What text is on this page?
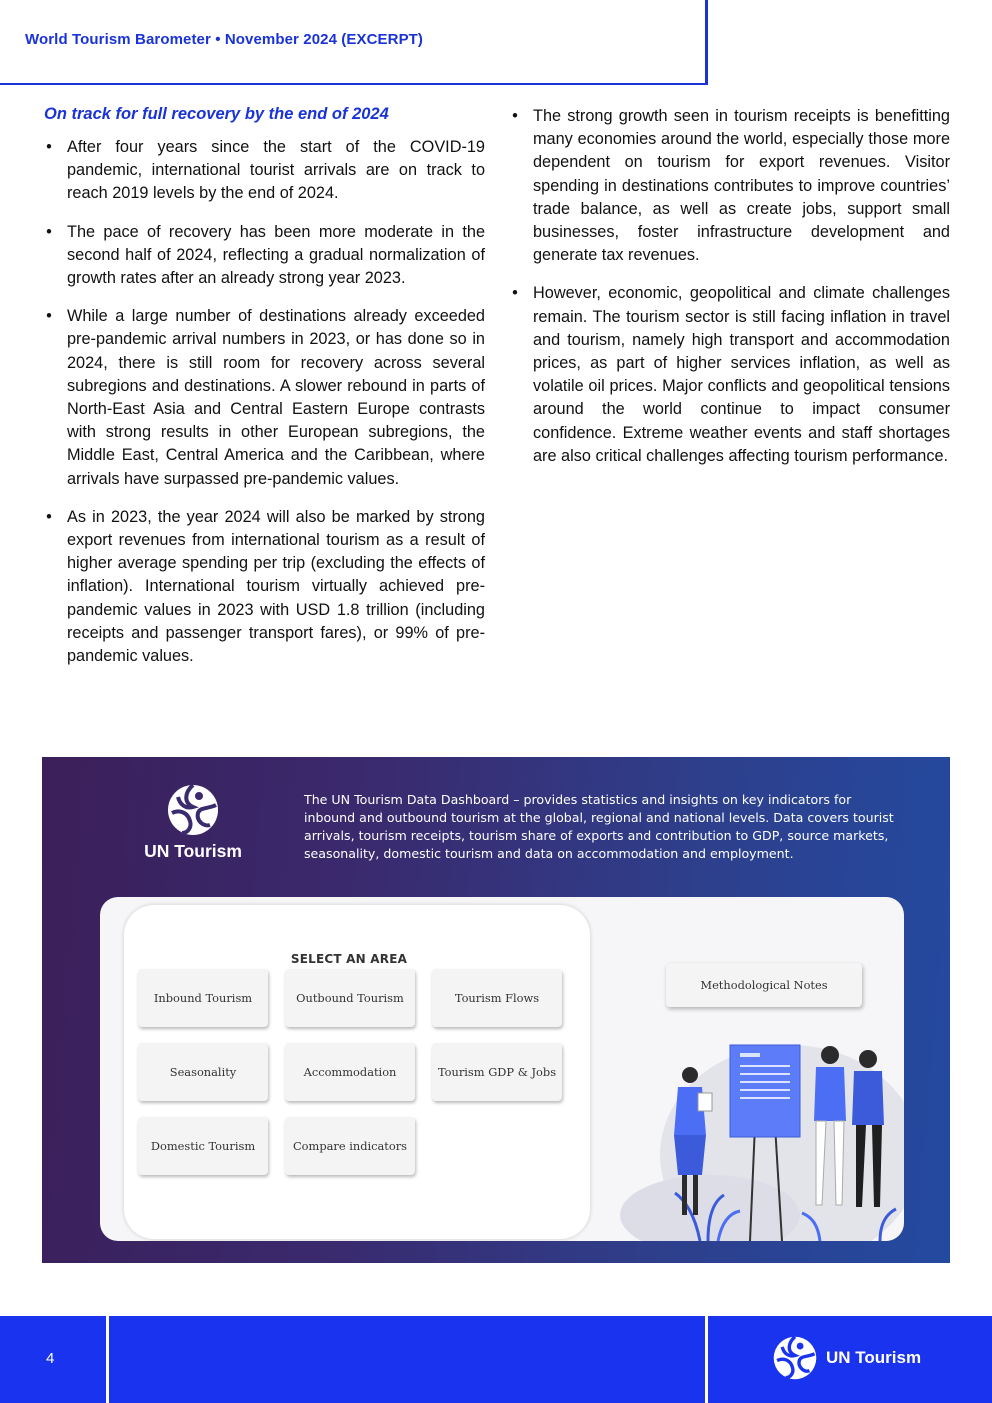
World Tourism Barometer • November 2024 (EXCERPT)
On track for full recovery by the end of 2024
• After four years since the start of the COVID-19 pandemic, international tourist arrivals are on track to reach 2019 levels by the end of 2024.
• The pace of recovery has been more moderate in the second half of 2024, reflecting a gradual normalization of growth rates after an already strong year 2023.
• While a large number of destinations already exceeded pre-pandemic arrival numbers in 2023, or has done so in 2024, there is still room for recovery across several subregions and destinations. A slower rebound in parts of North-East Asia and Central Eastern Europe contrasts with strong results in other European subregions, the Middle East, Central America and the Caribbean, where arrivals have surpassed pre-pandemic values.
• As in 2023, the year 2024 will also be marked by strong export revenues from international tourism as a result of higher average spending per trip (excluding the effects of inflation). International tourism virtually achieved pre-pandemic values in 2023 with USD 1.8 trillion (including receipts and passenger transport fares), or 99% of pre-pandemic values.
• The strong growth seen in tourism receipts is benefitting many economies around the world, especially those more dependent on tourism for export revenues. Visitor spending in destinations contributes to improve countries’ trade balance, as well as create jobs, support small businesses, foster infrastructure development and generate tax revenues.
• However, economic, geopolitical and climate challenges remain. The tourism sector is still facing inflation in travel and tourism, namely high transport and accommodation prices, as part of higher services inflation, as well as volatile oil prices. Major conflicts and geopolitical tensions around the world continue to impact consumer confidence. Extreme weather events and staff shortages are also critical challenges affecting tourism performance.
UN Tourism
The UN Tourism Data Dashboard – provides statistics and insights on key indicators for inbound and outbound tourism at the global, regional and national levels. Data covers tourist arrivals, tourism receipts, tourism share of exports and contribution to GDP, source markets, seasonality, domestic tourism and data on accommodation and employment.
SELECT AN AREA
Inbound Tourism	Outbound Tourism	Tourism Flows
Seasonality	Accommodation	Tourism GDP & Jobs
Domestic Tourism	Compare indicators
Methodological Notes
4	UN Tourism
